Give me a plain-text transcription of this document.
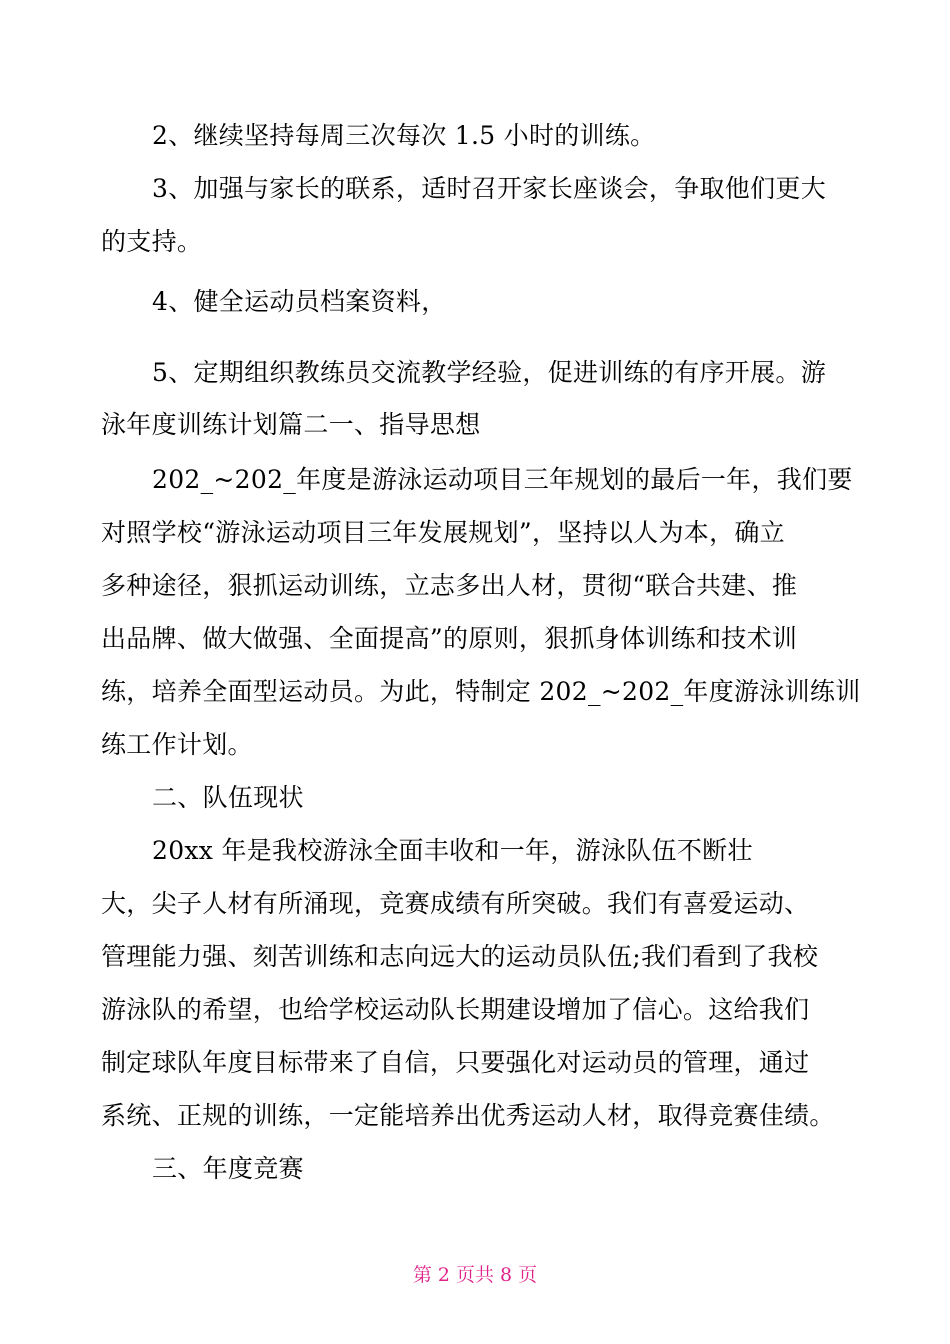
2、继续坚持每周三次每次 1.5 小时的训练。
3、加强与家长的联系，适时召开家长座谈会，争取他们更大
的支持。
4、健全运动员档案资料，
5、定期组织教练员交流教学经验，促进训练的有序开展。游
泳年度训练计划篇二一、指导思想
202_~202_年度是游泳运动项目三年规划的最后一年，我们要
对照学校“游泳运动项目三年发展规划”，坚持以人为本，确立
多种途径，狠抓运动训练，立志多出人材，贯彻“联合共建、推
出品牌、做大做强、全面提高”的原则，狠抓身体训练和技术训
练，培养全面型运动员。为此，特制定 202_~202_年度游泳训练训
练工作计划。
二、队伍现状
20xx 年是我校游泳全面丰收和一年，游泳队伍不断壮
大，尖子人材有所涌现，竞赛成绩有所突破。我们有喜爱运动、
管理能力强、刻苦训练和志向远大的运动员队伍;我们看到了我校
游泳队的希望，也给学校运动队长期建设增加了信心。这给我们
制定球队年度目标带来了自信，只要强化对运动员的管理，通过
系统、正规的训练，一定能培养出优秀运动人材，取得竞赛佳绩。
三、年度竞赛
第 2 页共 8 页
